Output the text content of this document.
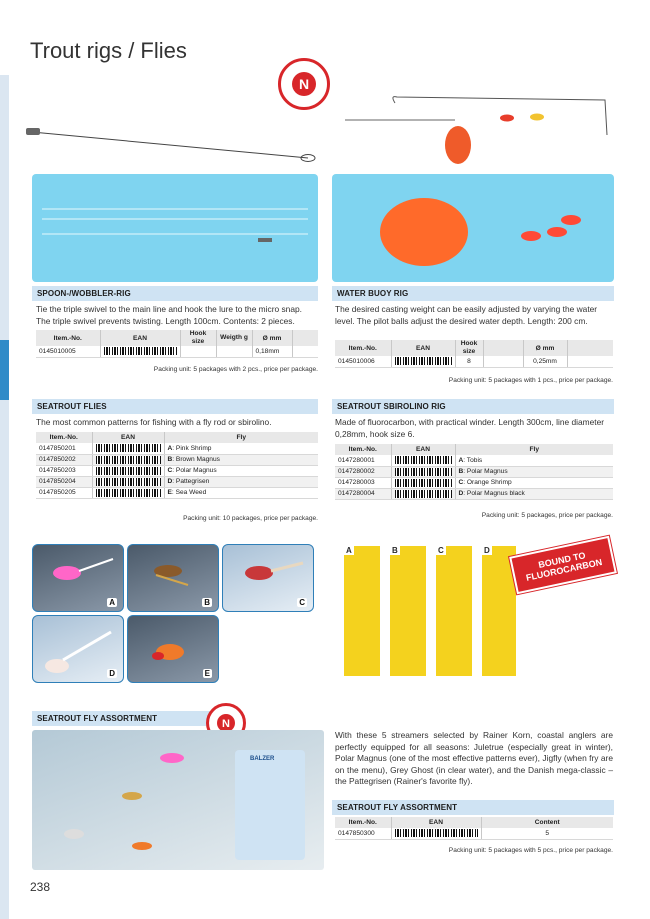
Trout rigs / Flies
N
SPOON-/WOBBLER-RIG
Tie the triple swivel to the main line and hook the lure to the micro snap. The triple swivel prevents twisting. Length 100cm. Contents: 2 pieces.
Item.-No.	EAN	Hook size	Weigth g	Ø mm	
0145010005				0,18mm	
Packing unit: 5 packages with 2 pcs., price per package.
WATER BUOY RIG
The desired casting weight can be easily adjusted by varying the water level. The pilot balls adjust the desired water depth. Length: 200 cm.
Item.-No.	EAN	Hook size		Ø mm	
0145010006		8		0,25mm	
Packing unit: 5 packages with 1 pcs., price per package.
SEATROUT FLIES
The most common patterns for fishing with a fly rod or sbirolino.
Item.-No.	EAN	Fly
0147850201		A: Pink Shrimp
0147850202		B: Brown Magnus
0147850203		C: Polar Magnus
0147850204		D: Pattegrisen
0147850205		E: Sea Weed
Packing unit: 10 packages, price per package.
SEATROUT SBIROLINO RIG
Made of fluorocarbon, with practical winder. Length 300cm, line diameter 0,28mm, hook size 6.
Item.-No.	EAN	Fly
0147280001		A: Tobis
0147280002		B: Polar Magnus
0147280003		C: Orange Shrimp
0147280004		D: Polar Magnus black
Packing unit: 5 packages, price per package.
A	B	C
D	E
A	B	C	D	BOUND TO FLUOROCARBON
SEATROUT FLY ASSORTMENT	N
BALZER
With these 5 streamers selected by Rainer Korn, coastal anglers are perfectly equipped for all seasons: Juletrue (especially great in winter), Polar Magnus (one of the most effective patterns ever), Jigfly (when fry are on the menu), Grey Ghost (in clear water), and the Danish mega-classic – the Pattegrisen (Rainer's favorite fly).
SEATROUT FLY ASSORTMENT
Item.-No.	EAN	Content
0147850300		5
Packing unit: 5 packages with 5 pcs., price per package.
238
